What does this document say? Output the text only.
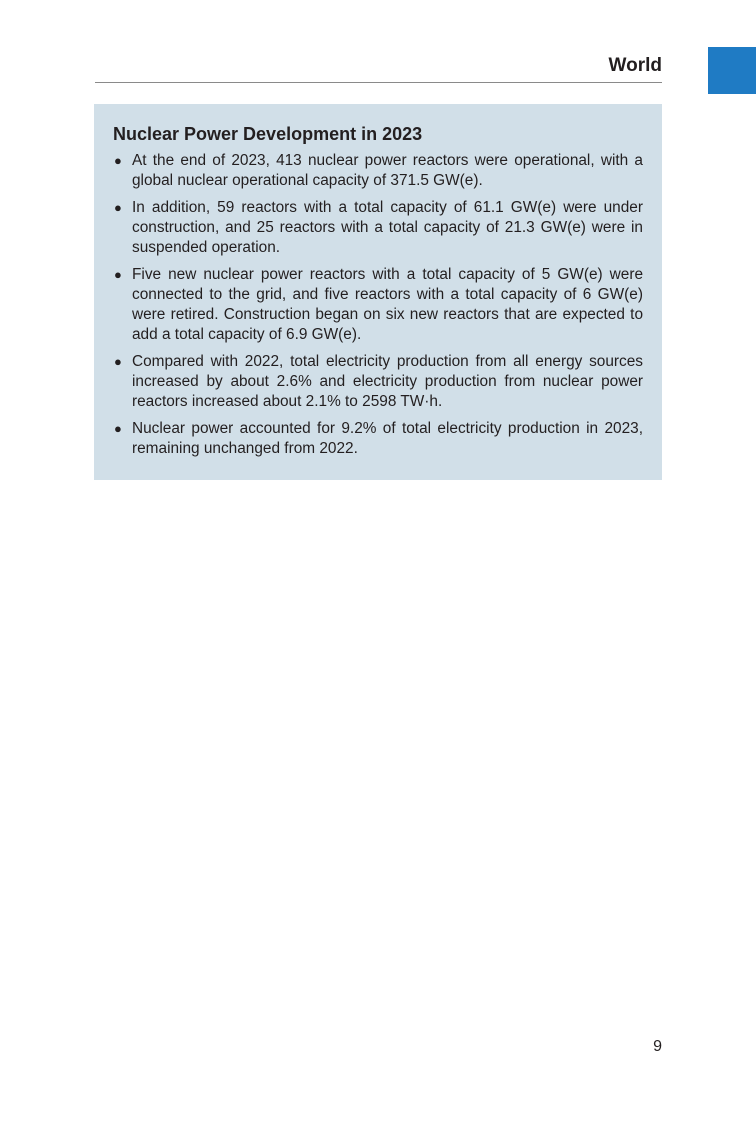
World
Nuclear Power Development in 2023
● At the end of 2023, 413 nuclear power reactors were operational, with a global nuclear operational capacity of 371.5 GW(e).
● In addition, 59 reactors with a total capacity of 61.1 GW(e) were under construction, and 25 reactors with a total capacity of 21.3 GW(e) were in suspended operation.
● Five new nuclear power reactors with a total capacity of 5 GW(e) were connected to the grid, and five reactors with a total capacity of 6 GW(e) were retired. Construction began on six new reactors that are expected to add a total capacity of 6.9 GW(e).
● Compared with 2022, total electricity production from all energy sources increased by about 2.6% and electricity production from nuclear power reactors increased about 2.1% to 2598 TW·h.
● Nuclear power accounted for 9.2% of total electricity production in 2023, remaining unchanged from 2022.
9
